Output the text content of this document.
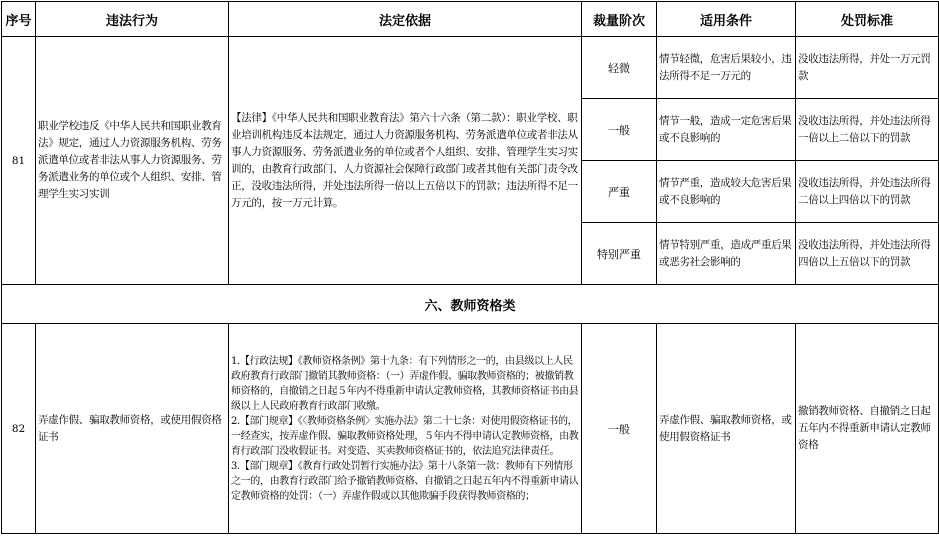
序号	违法行为	法定依据	裁量阶次	适用条件	处罚标准
81	职业学校违反《中华人民共和国职业教育法》规定，通过人力资源服务机构、劳务派遣单位或者非法从事人力资源服务、劳务派遣业务的单位或个人组织、安排、管理学生实习实训	【法律】《中华人民共和国职业教育法》第六十六条（第二款）：职业学校、职业培训机构违反本法规定，通过人力资源服务机构、劳务派遣单位或者非法从事人力资源服务、劳务派遣业务的单位或者个人组织、安排、管理学生实习实训的，由教育行政部门、人力资源社会保障行政部门或者其他有关部门责令改正，没收违法所得，并处违法所得一倍以上五倍以下的罚款；违法所得不足一万元的，按一万元计算。	轻微	情节轻微，危害后果较小，违法所得不足一万元的	没收违法所得，并处一万元罚款
			一般	情节一般，造成一定危害后果或不良影响的	没收违法所得，并处违法所得一倍以上二倍以下的罚款
			严重	情节严重，造成较大危害后果或不良影响的	没收违法所得，并处违法所得二倍以上四倍以下的罚款
			特别严重	情节特别严重，造成严重后果或恶劣社会影响的	没收违法所得，并处违法所得四倍以上五倍以下的罚款
六、教师资格类					
82	弄虚作假、骗取教师资格，或使用假资格证书	1.【行政法规】《教师资格条例》第十九条：有下列情形之一的，由县级以上人民政府教育行政部门撤销其教师资格：（一）弄虚作假、骗取教师资格的；被撤销教师资格的，自撤销之日起５年内不得重新申请认定教师资格，其教师资格证书由县级以上人民政府教育行政部门收缴。
2.【部门规章】《〈教师资格条例〉实施办法》第二十七条：对使用假资格证书的，一经查实，按弄虚作假、骗取教师资格处理，５年内不得申请认定教师资格，由教育行政部门没收假证书。对变造、买卖教师资格证书的，依法追究法律责任。
3.【部门规章】《教育行政处罚暂行实施办法》第十八条第一款：教师有下列情形之一的，由教育行政部门给予撤销教师资格、自撤销之日起五年内不得重新申请认定教师资格的处罚：（一）弄虚作假或以其他欺骗手段获得教师资格的；	一般	弄虚作假、骗取教师资格，或使用假资格证书	撤销教师资格、自撤销之日起五年内不得重新申请认定教师资格
